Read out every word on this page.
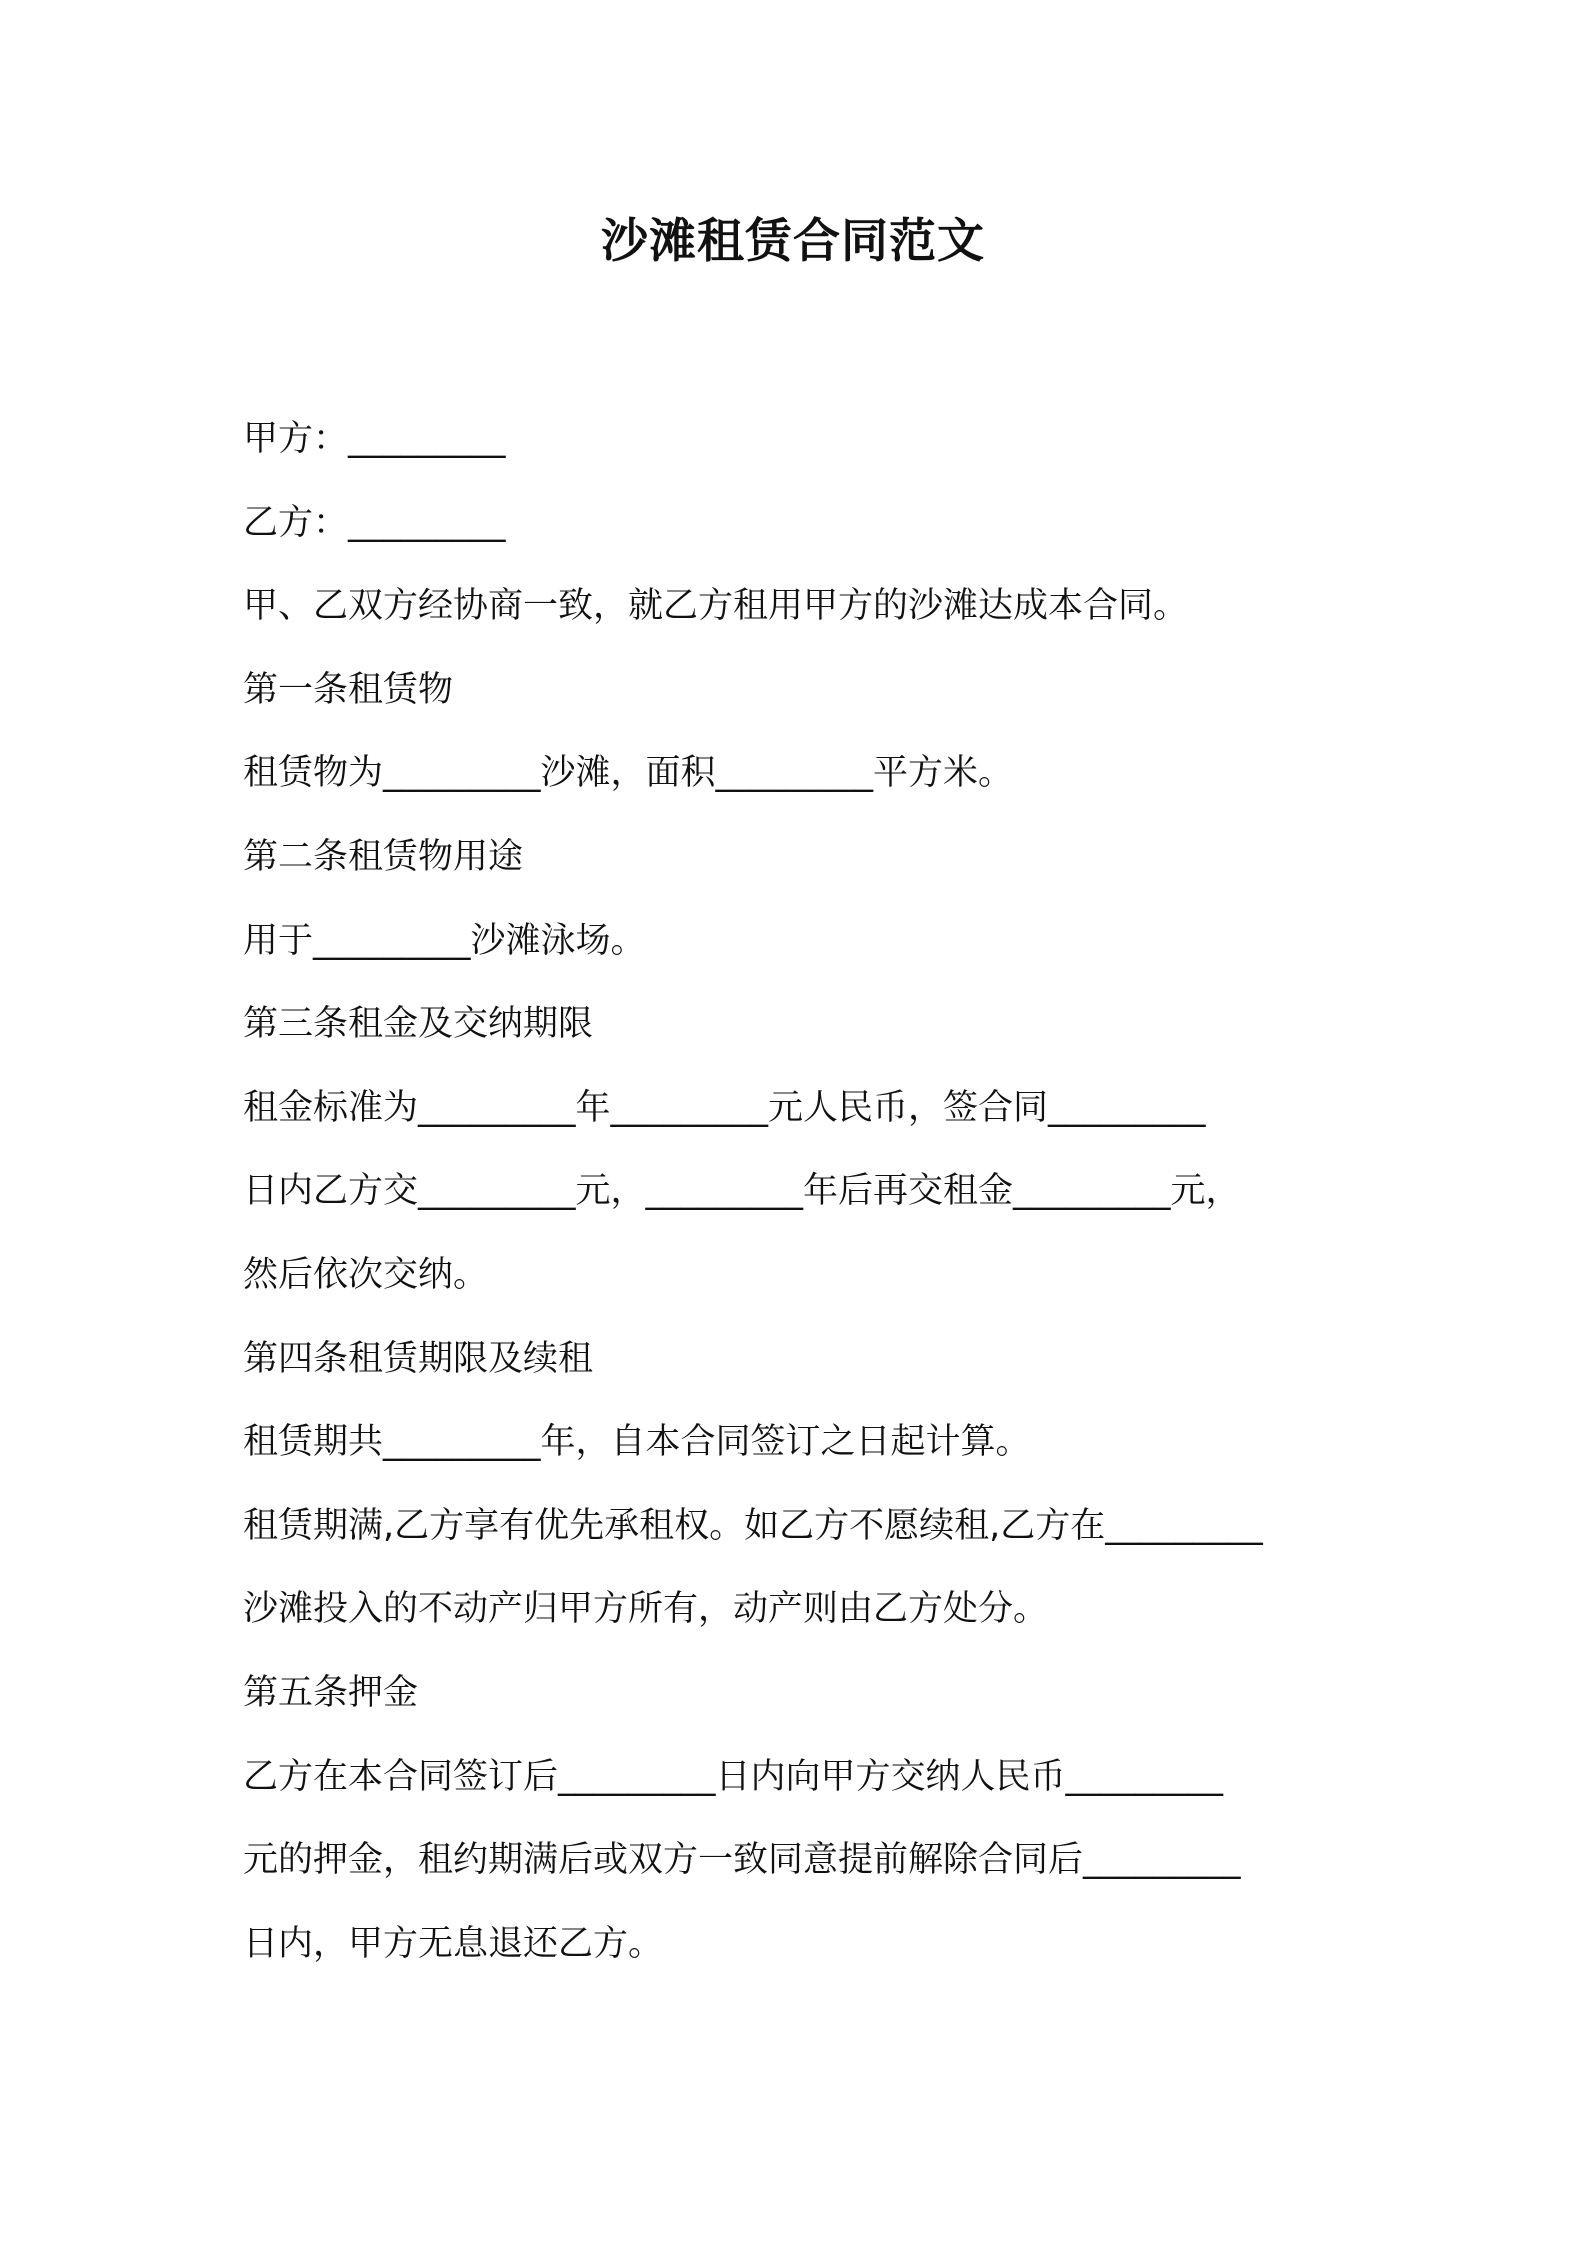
沙滩租赁合同范文
甲方：_________
乙方：_________
甲、乙双方经协商一致，就乙方租用甲方的沙滩达成本合同。
第一条租赁物
租赁物为_________沙滩，面积_________平方米。
第二条租赁物用途
用于_________沙滩泳场。
第三条租金及交纳期限
租金标准为_________年_________元人民币，签合同_________
日内乙方交_________元，_________年后再交租金_________元，
然后依次交纳。
第四条租赁期限及续租
租赁期共_________年，自本合同签订之日起计算。
租赁期满,乙方享有优先承租权。如乙方不愿续租,乙方在_________
沙滩投入的不动产归甲方所有，动产则由乙方处分。
第五条押金
乙方在本合同签订后_________日内向甲方交纳人民币_________
元的押金，租约期满后或双方一致同意提前解除合同后_________
日内，甲方无息退还乙方。
